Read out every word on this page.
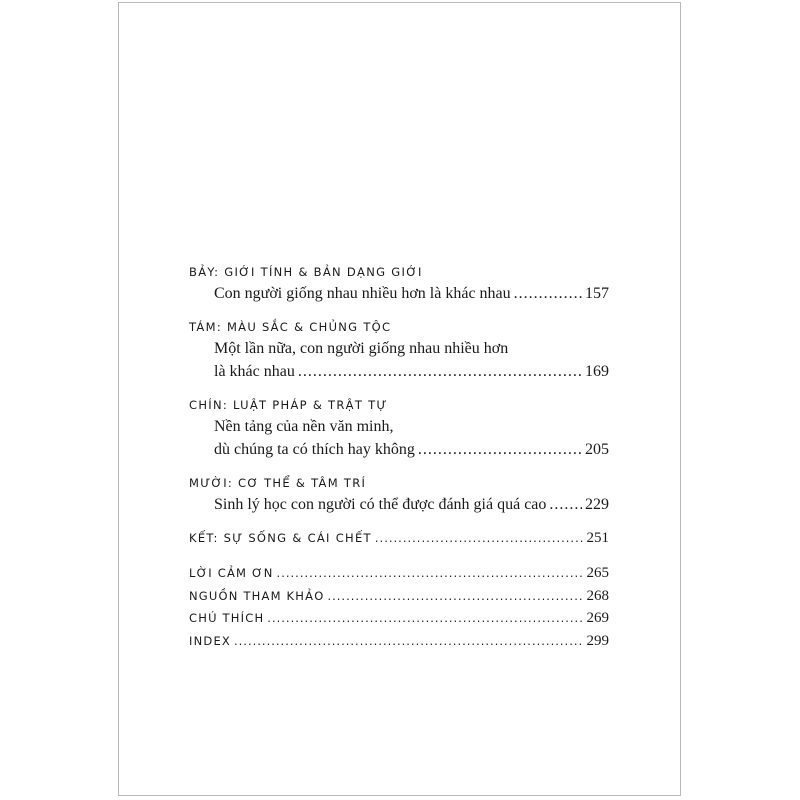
BẢY: GIỚI TÍNH & BẢN DẠNG GIỚI
Con người giống nhau nhiều hơn là khác nhau .....	157
TÁM: MÀU SẮC & CHỦNG TỘC
Một lần nữa, con người giống nhau nhiều hơn
là khác nhau .....	169
CHÍN: LUẬT PHÁP & TRẬT TỰ
Nền tảng của nền văn minh,
dù chúng ta có thích hay không .....	205
MƯỜI: CƠ THỂ & TÂM TRÍ
Sinh lý học con người có thể được đánh giá quá cao ..... 229
KẾT: SỰ SỐNG & CÁI CHẾT .....	251
LỜI CẢM ƠN .....	265
NGUỒN THAM KHẢO .....	268
CHÚ THÍCH .....	269
INDEX .....	299
